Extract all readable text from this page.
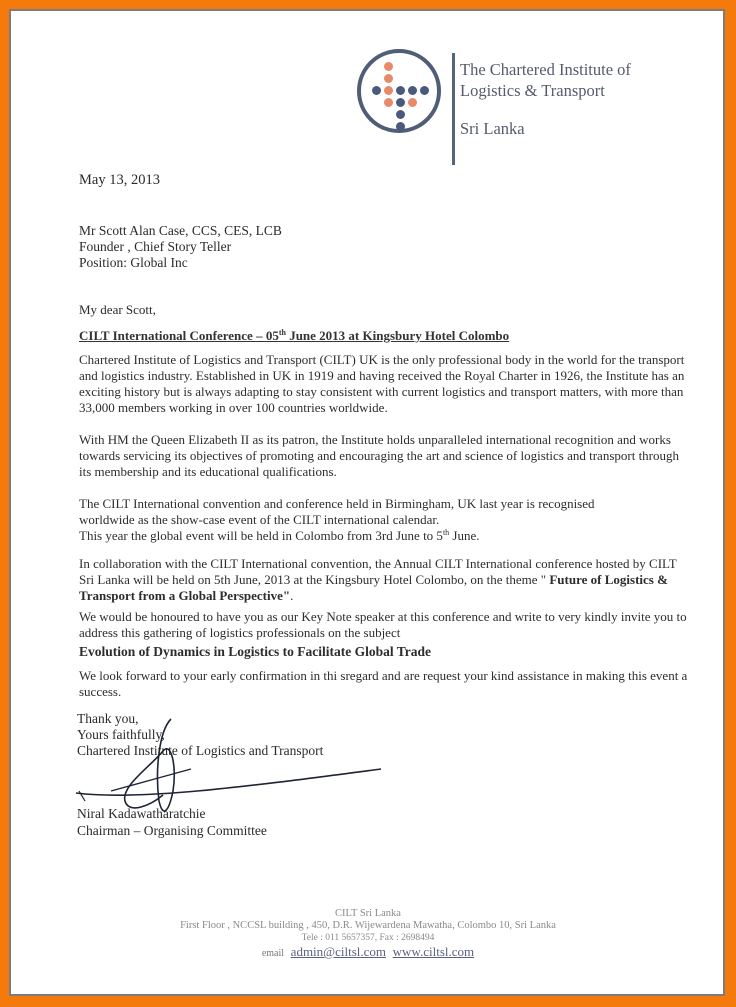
The Chartered Institute of
Logistics & Transport
Sri Lanka
May 13, 2013
Mr Scott Alan Case, CCS, CES, LCB
Founder , Chief Story Teller
Position: Global Inc
My dear Scott,
CILT International Conference – 05th June 2013 at Kingsbury Hotel Colombo
Chartered Institute of Logistics and Transport (CILT) UK is the only professional body in the world for the transport and logistics industry. Established in UK in 1919 and having received the Royal Charter in 1926, the Institute has an exciting history but is always adapting to stay consistent with current logistics and transport matters, with more than 33,000 members working in over 100 countries worldwide.
With HM the Queen Elizabeth II as its patron, the Institute holds unparalleled international recognition and works towards servicing its objectives of promoting and encouraging the art and science of logistics and transport through its membership and its educational qualifications.
The CILT International convention and conference held in Birmingham, UK last year is recognised worldwide as the show-case event of the CILT international calendar.
This year the global event will be held in Colombo from 3rd June to 5th June.
In collaboration with the CILT International convention, the Annual CILT International conference hosted by CILT Sri Lanka will be held on 5th June, 2013 at the Kingsbury Hotel Colombo, on the theme " Future of Logistics & Transport from a Global Perspective".
We would be honoured to have you as our Key Note speaker at this conference and write to very kindly invite you to address this gathering of logistics professionals on the subject
Evolution of Dynamics in Logistics to Facilitate Global Trade
We look forward to your early confirmation in thi sregard and are request your kind assistance in making this event a success.
Thank you,
Yours faithfully,
Chartered Institute of Logistics and Transport
Niral Kadawatharatchie
Chairman – Organising Committee
CILT Sri Lanka
First Floor , NCCSL building , 450, D.R. Wijewardena Mawatha, Colombo 10, Sri Lanka
Tele : 011 5657357, Fax : 2698494
email admin@ciltsl.com www.ciltsl.com
